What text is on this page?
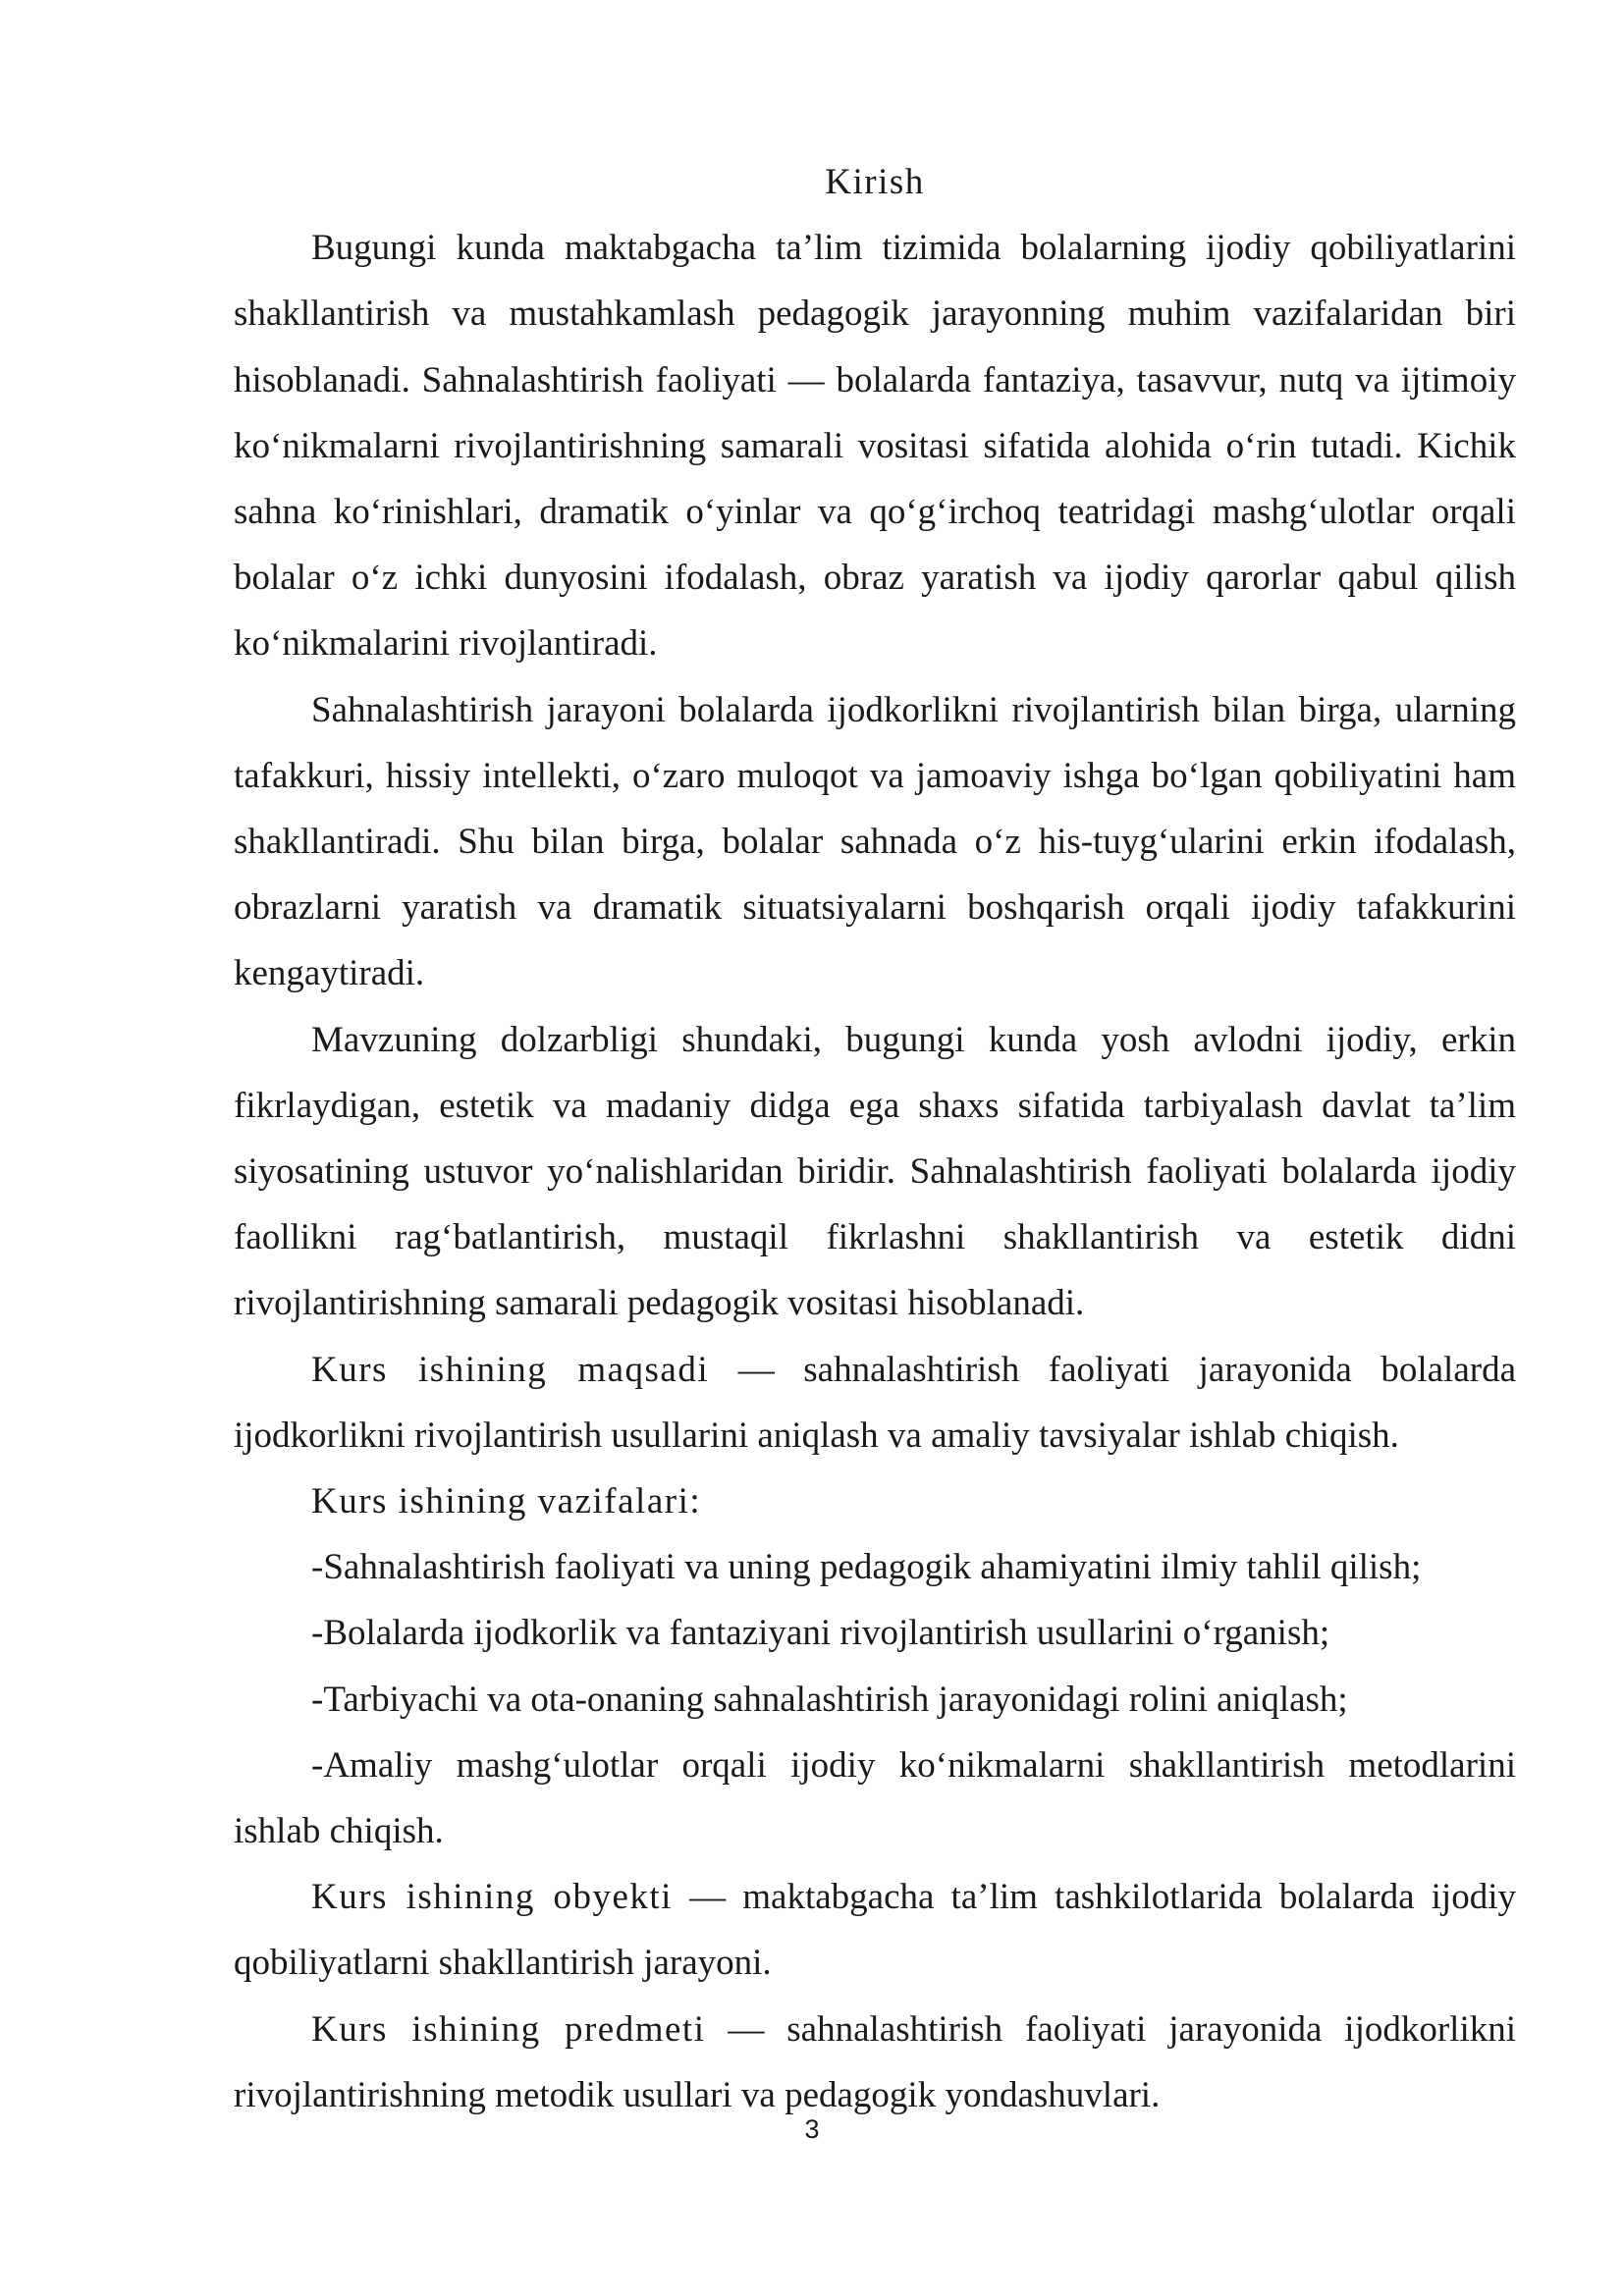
Kirish

Bugungi kunda maktabgacha ta’lim tizimida bolalarning ijodiy qobiliyatlarini shakllantirish va mustahkamlash pedagogik jarayonning muhim vazifalaridan biri hisoblanadi. Sahnalashtirish faoliyati — bolalarda fantaziya, tasavvur, nutq va ijtimoiy ko‘nikmalarni rivojlantirishning samarali vositasi sifatida alohida o‘rin tutadi. Kichik sahna ko‘rinishlari, dramatik o‘yinlar va qo‘g‘irchoq teatridagi mashg‘ulotlar orqali bolalar o‘z ichki dunyosini ifodalash, obraz yaratish va ijodiy qarorlar qabul qilish ko‘nikmalarini rivojlantiradi.

Sahnalashtirish jarayoni bolalarda ijodkorlikni rivojlantirish bilan birga, ularning tafakkuri, hissiy intellekti, o‘zaro muloqot va jamoaviy ishga bo‘lgan qobiliyatini ham shakllantiradi. Shu bilan birga, bolalar sahnada o‘z his-tuyg‘ularini erkin ifodalash, obrazlarni yaratish va dramatik situatsiyalarni boshqarish orqali ijodiy tafakkurini kengaytiradi.

Mavzuning dolzarbligi shundaki, bugungi kunda yosh avlodni ijodiy, erkin fikrlaydigan, estetik va madaniy didga ega shaxs sifatida tarbiyalash davlat ta’lim siyosatining ustuvor yo‘nalishlaridan biridir. Sahnalashtirish faoliyati bolalarda ijodiy faollikni rag‘batlantirish, mustaqil fikrlashni shakllantirish va estetik didni rivojlantirishning samarali pedagogik vositasi hisoblanadi.

Kurs ishining maqsadi — sahnalashtirish faoliyati jarayonida bolalarda ijodkorlikni rivojlantirish usullarini aniqlash va amaliy tavsiyalar ishlab chiqish.

Kurs ishining vazifalari:

-Sahnalashtirish faoliyati va uning pedagogik ahamiyatini ilmiy tahlil qilish;

-Bolalarda ijodkorlik va fantaziyani rivojlantirish usullarini o‘rganish;

-Tarbiyachi va ota-onaning sahnalashtirish jarayonidagi rolini aniqlash;

-Amaliy mashg‘ulotlar orqali ijodiy ko‘nikmalarni shakllantirish metodlarini ishlab chiqish.

Kurs ishining obyekti — maktabgacha ta’lim tashkilotlarida bolalarda ijodiy qobiliyatlarni shakllantirish jarayoni.

Kurs ishining predmeti — sahnalashtirish faoliyati jarayonida ijodkorlikni rivojlantirishning metodik usullari va pedagogik yondashuvlari.

3
